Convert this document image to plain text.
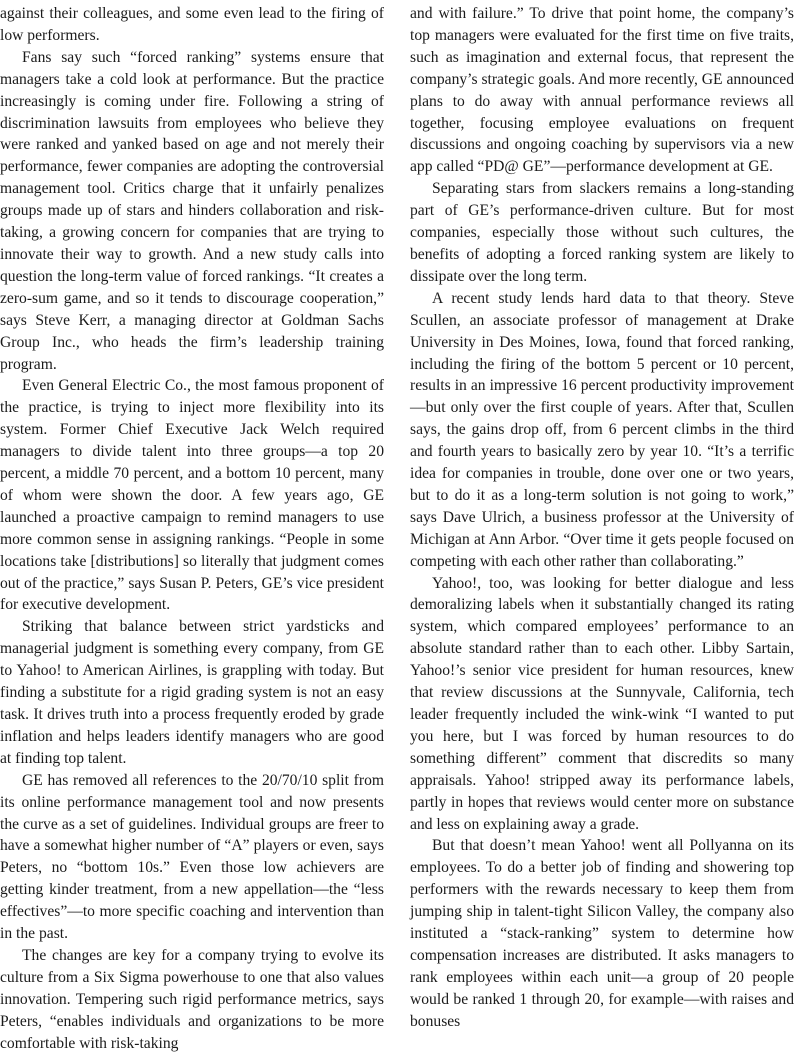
against their colleagues, and some even lead to the firing of low performers.

Fans say such “forced ranking” systems ensure that managers take a cold look at performance. But the practice increasingly is coming under fire. Following a string of discrimination lawsuits from employees who believe they were ranked and yanked based on age and not merely their performance, fewer companies are adopting the controversial management tool. Critics charge that it unfairly penalizes groups made up of stars and hinders collaboration and risk-taking, a growing concern for companies that are trying to innovate their way to growth. And a new study calls into question the long-term value of forced rankings. “It creates a zero-sum game, and so it tends to discourage cooperation,” says Steve Kerr, a managing director at Goldman Sachs Group Inc., who heads the firm’s leadership training program.

Even General Electric Co., the most famous proponent of the practice, is trying to inject more flexibility into its system. Former Chief Executive Jack Welch required managers to divide talent into three groups—a top 20 percent, a middle 70 percent, and a bottom 10 percent, many of whom were shown the door. A few years ago, GE launched a proactive campaign to remind managers to use more common sense in assigning rankings. “People in some locations take [distributions] so literally that judgment comes out of the practice,” says Susan P. Peters, GE’s vice president for executive development.

Striking that balance between strict yardsticks and managerial judgment is something every company, from GE to Yahoo! to American Airlines, is grappling with today. But finding a substitute for a rigid grading system is not an easy task. It drives truth into a process frequently eroded by grade inflation and helps leaders identify managers who are good at finding top talent.

GE has removed all references to the 20/70/10 split from its online performance management tool and now presents the curve as a set of guidelines. Individual groups are freer to have a somewhat higher number of “A” players or even, says Peters, no “bottom 10s.” Even those low achievers are getting kinder treatment, from a new appellation—the “less effectives”—to more specific coaching and intervention than in the past.

The changes are key for a company trying to evolve its culture from a Six Sigma powerhouse to one that also values innovation. Tempering such rigid performance metrics, says Peters, “enables individuals and organizations to be more comfortable with risk-taking

and with failure.” To drive that point home, the company’s top managers were evaluated for the first time on five traits, such as imagination and external focus, that represent the company’s strategic goals. And more recently, GE announced plans to do away with annual performance reviews all together, focusing employee evaluations on frequent discussions and ongoing coaching by supervisors via a new app called “PD@ GE”—performance development at GE.

Separating stars from slackers remains a long-standing part of GE’s performance-driven culture. But for most companies, especially those without such cultures, the benefits of adopting a forced ranking system are likely to dissipate over the long term.

A recent study lends hard data to that theory. Steve Scullen, an associate professor of management at Drake University in Des Moines, Iowa, found that forced ranking, including the firing of the bottom 5 percent or 10 percent, results in an impressive 16 percent productivity improvement—but only over the first couple of years. After that, Scullen says, the gains drop off, from 6 percent climbs in the third and fourth years to basically zero by year 10. “It’s a terrific idea for companies in trouble, done over one or two years, but to do it as a long-term solution is not going to work,” says Dave Ulrich, a business professor at the University of Michigan at Ann Arbor. “Over time it gets people focused on competing with each other rather than collaborating.”

Yahoo!, too, was looking for better dialogue and less demoralizing labels when it substantially changed its rating system, which compared employees’ performance to an absolute standard rather than to each other. Libby Sartain, Yahoo!’s senior vice president for human resources, knew that review discussions at the Sunnyvale, California, tech leader frequently included the wink-wink “I wanted to put you here, but I was forced by human resources to do something different” comment that discredits so many appraisals. Yahoo! stripped away its performance labels, partly in hopes that reviews would center more on substance and less on explaining away a grade.

But that doesn’t mean Yahoo! went all Pollyanna on its employees. To do a better job of finding and showering top performers with the rewards necessary to keep them from jumping ship in talent-tight Silicon Valley, the company also instituted a “stack-ranking” system to determine how compensation increases are distributed. It asks managers to rank employees within each unit—a group of 20 people would be ranked 1 through 20, for example—with raises and bonuses
